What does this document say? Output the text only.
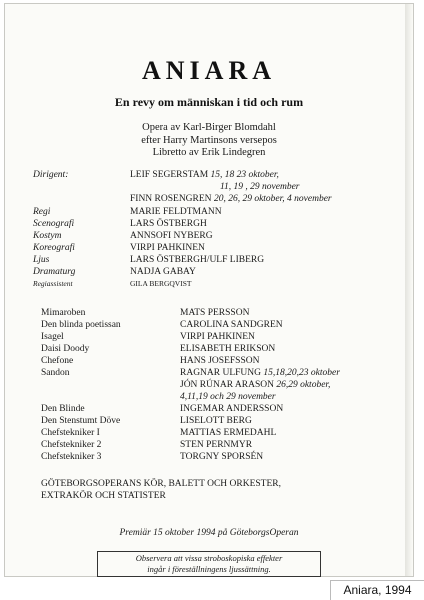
ANIARA
En revy om människan i tid och rum
Opera av Karl-Birger Blomdahl
efter Harry Martinsons versepos
Libretto av Erik Lindegren
Dirigent:	LEIF SEGERSTAM 15, 18 23 oktober,
11, 19 , 29 november
FINN ROSENGREN 20, 26, 29 oktober, 4 november
Regi	MARIE FELDTMANN
Scenografi	LARS ÖSTBERGH
Kostym	ANNSOFI NYBERG
Koreografi	VIRPI PAHKINEN
Ljus	LARS ÖSTBERGH/ULF LIBERG
Dramaturg	NADJA GABAY
Regiassistent	GILA BERGQVIST
Mimaroben	MATS PERSSON
Den blinda poetissan	CAROLINA SANDGREN
Isagel	VIRPI PAHKINEN
Daisi Doody	ELISABETH ERIKSON
Chefone	HANS JOSEFSSON
Sandon	RAGNAR ULFUNG 15,18,20,23 oktober
JÓN RÚNAR ARASON 26,29 oktober,
4,11,19 och 29 november
Den Blinde	INGEMAR ANDERSSON
Den Stenstumt Döve	LISELOTT BERG
Chefstekniker I	MATTIAS ERMEDAHL
Chefstekniker 2	STEN PERNMYR
Chefstekniker 3	TORGNY SPORSÉN
GÖTEBORGSOPERANS KÖR, BALETT OCH ORKESTER,
EXTRAKÖR OCH STATISTER
Premiär 15 oktober 1994 på GöteborgsOperan
Observera att vissa stroboskopiska effekter
ingår i föreställningens ljussättning.
Aniara, 1994
